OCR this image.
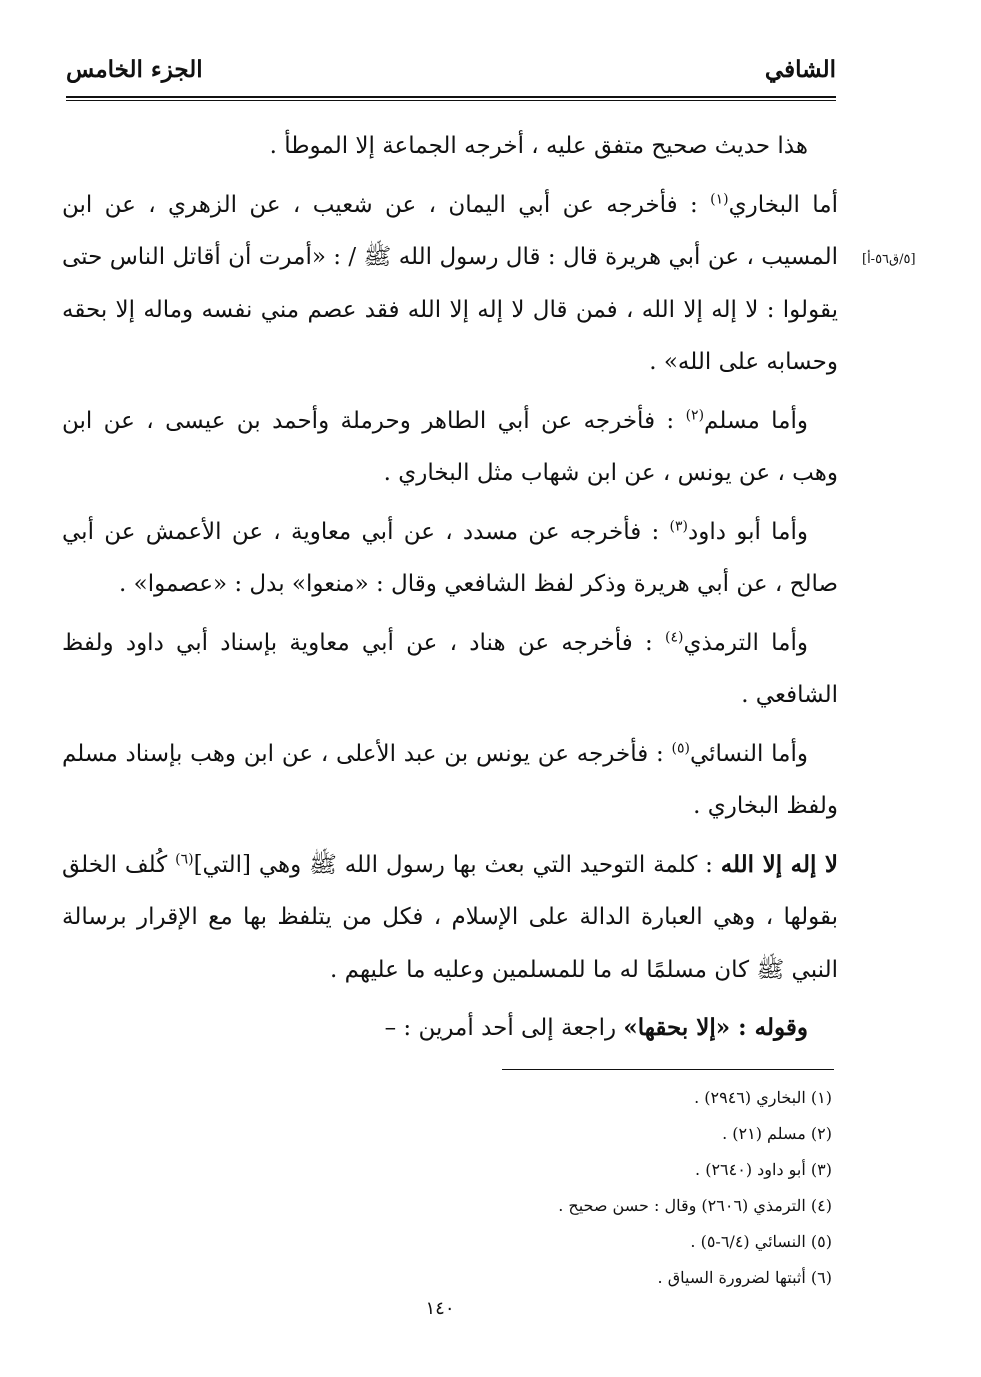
الشافي
الجزء الخامس
[٥/ق٥٦-أ]

هذا حديث صحيح متفق عليه ، أخرجه الجماعة إلا الموطأ .

أما البخاري$^{(١)}$ : فأخرجه عن أبي اليمان ، عن شعيب ، عن الزهري ، عن ابن المسيب ، عن أبي هريرة قال : قال رسول الله ﷺ / : «أمرت أن أقاتل الناس حتى يقولوا : لا إله إلا الله ، فمن قال لا إله إلا الله فقد عصم مني نفسه وماله إلا بحقه وحسابه على الله» .

وأما مسلم$^{(٢)}$ : فأخرجه عن أبي الطاهر وحرملة وأحمد بن عيسى ، عن ابن وهب ، عن يونس ، عن ابن شهاب مثل البخاري .

وأما أبو داود$^{(٣)}$ : فأخرجه عن مسدد ، عن أبي معاوية ، عن الأعمش عن أبي صالح ، عن أبي هريرة وذكر لفظ الشافعي وقال : «منعوا» بدل : «عصموا» .

وأما الترمذي$^{(٤)}$ : فأخرجه عن هناد ، عن أبي معاوية بإسناد أبي داود ولفظ الشافعي .

وأما النسائي$^{(٥)}$ : فأخرجه عن يونس بن عبد الأعلى ، عن ابن وهب بإسناد مسلم ولفظ البخاري .

لا إله إلا الله : كلمة التوحيد التي بعث بها رسول الله ﷺ وهي [التي]$^{(٦)}$ كُلف الخلق بقولها ، وهي العبارة الدالة على الإسلام ، فكل من يتلفظ بها مع الإقرار برسالة النبي ﷺ كان مسلمًا له ما للمسلمين وعليه ما عليهم .

وقوله : «إلا بحقها» راجعة إلى أحد أمرين : –

(١) البخاري (٢٩٤٦) .

(٢) مسلم (٢١) .

(٣) أبو داود (٢٦٤٠) .

(٤) الترمذي (٢٦٠٦) وقال : حسن صحيح .

(٥) النسائي (٦/٤-٥) .

(٦) أثبتها لضرورة السياق .

١٤٠
